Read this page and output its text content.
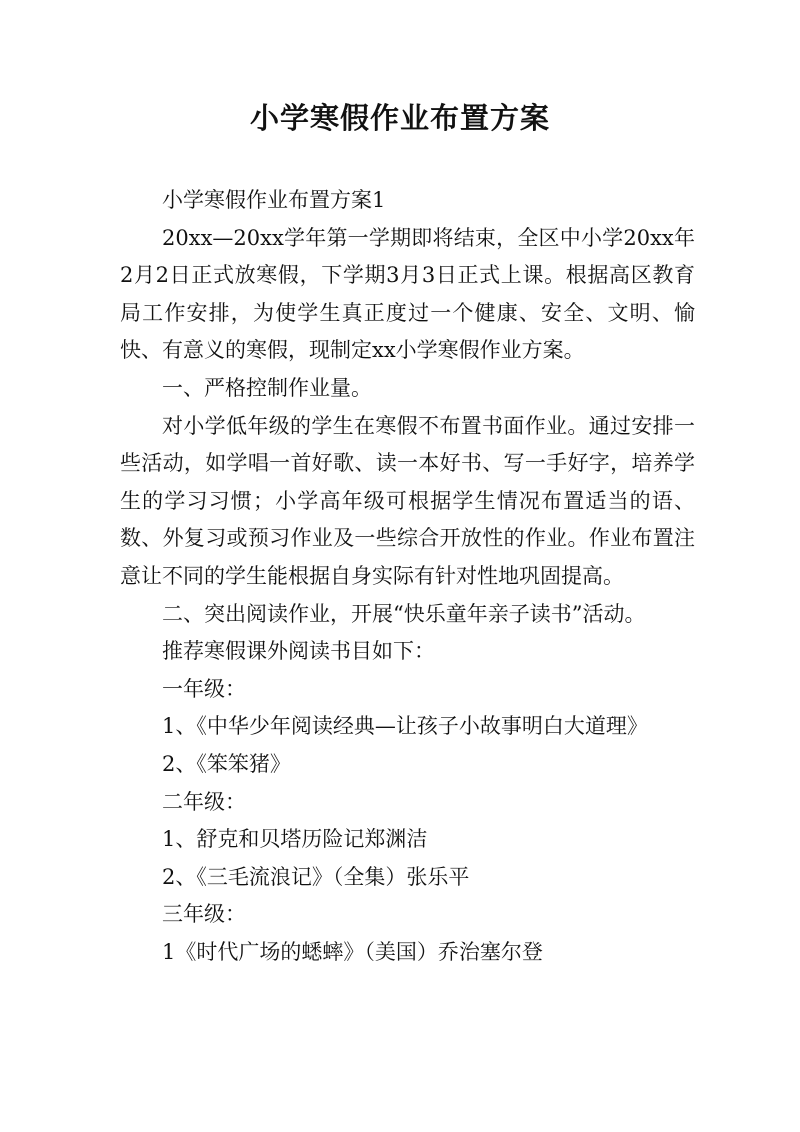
小学寒假作业布置方案

小学寒假作业布置方案1

20xx—20xx学年第一学期即将结束，全区中小学20xx年2月2日正式放寒假，下学期3月3日正式上课。根据高区教育局工作安排，为使学生真正度过一个健康、安全、文明、愉快、有意义的寒假，现制定xx小学寒假作业方案。

一、严格控制作业量。

对小学低年级的学生在寒假不布置书面作业。通过安排一些活动，如学唱一首好歌、读一本好书、写一手好字，培养学生的学习习惯；小学高年级可根据学生情况布置适当的语、数、外复习或预习作业及一些综合开放性的作业。作业布置注意让不同的学生能根据自身实际有针对性地巩固提高。

二、突出阅读作业，开展“快乐童年亲子读书”活动。

推荐寒假课外阅读书目如下：

一年级：

1、《中华少年阅读经典—让孩子小故事明白大道理》

2、《笨笨猪》

二年级：

1、舒克和贝塔历险记郑渊洁

2、《三毛流浪记》（全集）张乐平

三年级：

1《时代广场的蟋蟀》（美国）乔治塞尔登
